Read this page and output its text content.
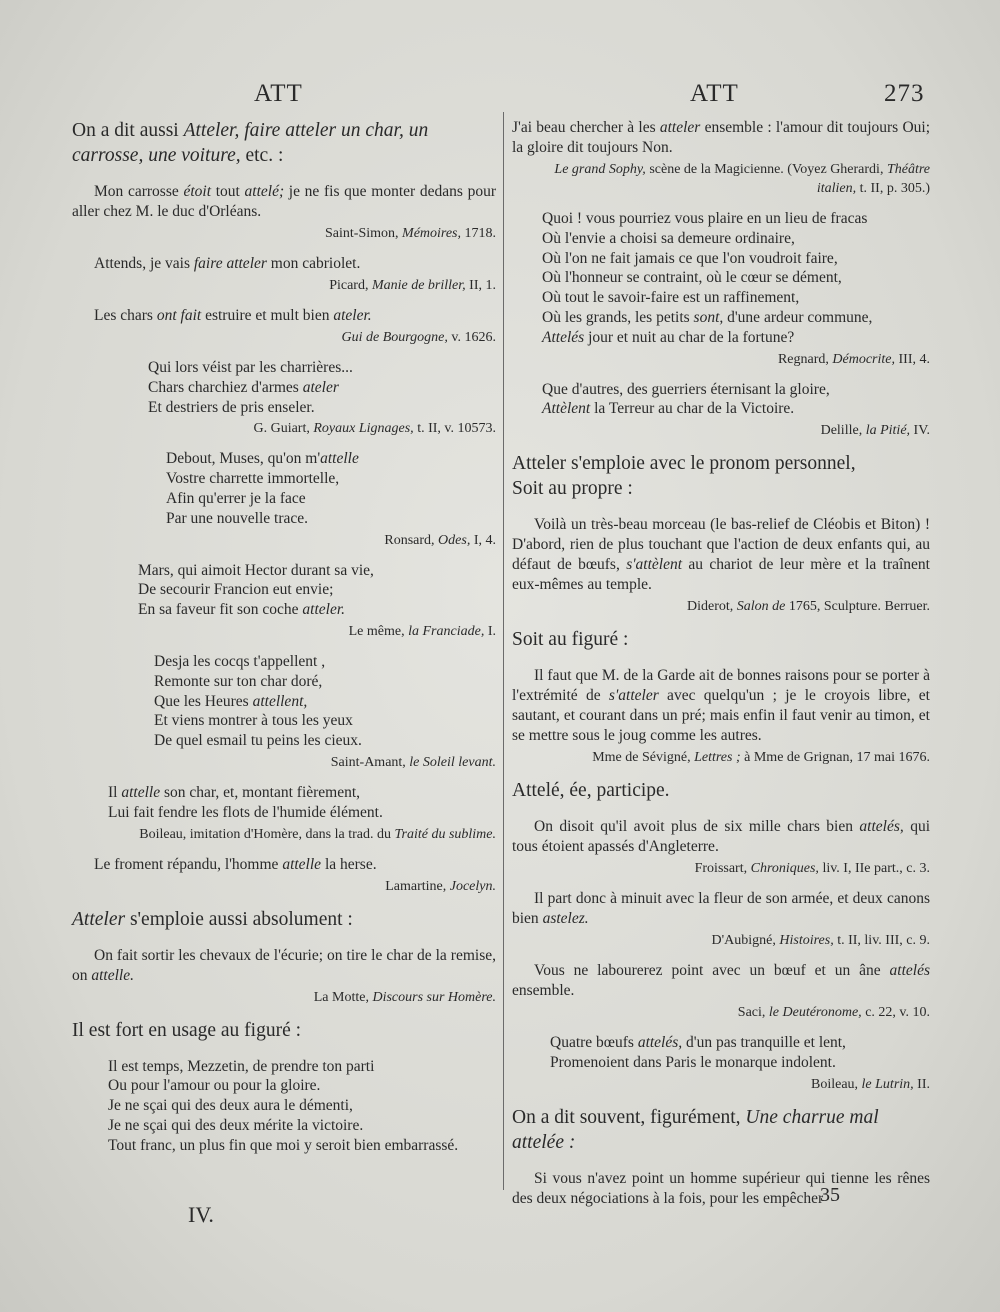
ATT	ATT	273
On a dit aussi Atteler, faire atteler un char, un carrosse, une voiture, etc. :

Mon carrosse étoit tout attelé; je ne fis que monter dedans pour aller chez M. le duc d'Orléans.

Saint-Simon, Mémoires, 1718.

Attends, je vais faire atteler mon cabriolet.

Picard, Manie de briller, II, 1.

Les chars ont fait estruire et mult bien ateler.

Gui de Bourgogne, v. 1626.
Qui lors véist par les charrières...
Chars charchiez d'armes ateler
Et destriers de pris enseler.
G. Guiart, Royaux Lignages, t. II, v. 10573.
Debout, Muses, qu'on m'attelle
Vostre charrette immortelle,
Afin qu'errer je la face
Par une nouvelle trace.
Ronsard, Odes, I, 4.
Mars, qui aimoit Hector durant sa vie,
De secourir Francion eut envie;
En sa faveur fit son coche atteler.
Le même, la Franciade, I.
Desja les cocqs t'appellent ,
Remonte sur ton char doré,
Que les Heures attellent,
Et viens montrer à tous les yeux
De quel esmail tu peins les cieux.
Saint-Amant, le Soleil levant.
Il attelle son char, et, montant fièrement,
Lui fait fendre les flots de l'humide élément.
Boileau, imitation d'Homère, dans la trad. du Traité du sublime.

Le froment répandu, l'homme attelle la herse.

Lamartine, Jocelyn.
Atteler s'emploie aussi absolument :

On fait sortir les chevaux de l'écurie; on tire le char de la remise, on attelle.

La Motte, Discours sur Homère.
Il est fort en usage au figuré :
Il est temps, Mezzetin, de prendre ton parti
Ou pour l'amour ou pour la gloire.
Je ne sçai qui des deux aura le démenti,
Je ne sçai qui des deux mérite la victoire.
Tout franc, un plus fin que moi y seroit bien embarrassé.

J'ai beau chercher à les atteler ensemble : l'amour dit toujours Oui; la gloire dit toujours Non.

Le grand Sophy, scène de la Magicienne. (Voyez Gherardi, Théâtre italien, t. II, p. 305.)
Quoi ! vous pourriez vous plaire en un lieu de fracas
Où l'envie a choisi sa demeure ordinaire,
Où l'on ne fait jamais ce que l'on voudroit faire,
Où l'honneur se contraint, où le cœur se dément,
Où tout le savoir-faire est un raffinement,
Où les grands, les petits sont, d'une ardeur commune,
Attelés jour et nuit au char de la fortune?
Regnard, Démocrite, III, 4.
Que d'autres, des guerriers éternisant la gloire,
Attèlent la Terreur au char de la Victoire.
Delille, la Pitié, IV.
Atteler s'emploie avec le pronom personnel,
Soit au propre :

Voilà un très-beau morceau (le bas-relief de Cléobis et Biton) ! D'abord, rien de plus touchant que l'action de deux enfants qui, au défaut de bœufs, s'attèlent au chariot de leur mère et la traînent eux-mêmes au temple.

Diderot, Salon de 1765, Sculpture. Berruer.
Soit au figuré :

Il faut que M. de la Garde ait de bonnes raisons pour se porter à l'extrémité de s'atteler avec quelqu'un ; je le croyois libre, et sautant, et courant dans un pré; mais enfin il faut venir au timon, et se mettre sous le joug comme les autres.

Mme de Sévigné, Lettres ; à Mme de Grignan, 17 mai 1676.
Attelé, ée, participe.

On disoit qu'il avoit plus de six mille chars bien attelés, qui tous étoient apassés d'Angleterre.

Froissart, Chroniques, liv. I, IIe part., c. 3.

Il part donc à minuit avec la fleur de son armée, et deux canons bien astelez.

D'Aubigné, Histoires, t. II, liv. III, c. 9.

Vous ne labourerez point avec un bœuf et un âne attelés ensemble.

Saci, le Deutéronome, c. 22, v. 10.
Quatre bœufs attelés, d'un pas tranquille et lent,
Promenoient dans Paris le monarque indolent.
Boileau, le Lutrin, II.
On a dit souvent, figurément, Une charrue mal attelée :

Si vous n'avez point un homme supérieur qui tienne les rênes des deux négociations à la fois, pour les empêcher

IV.
35
